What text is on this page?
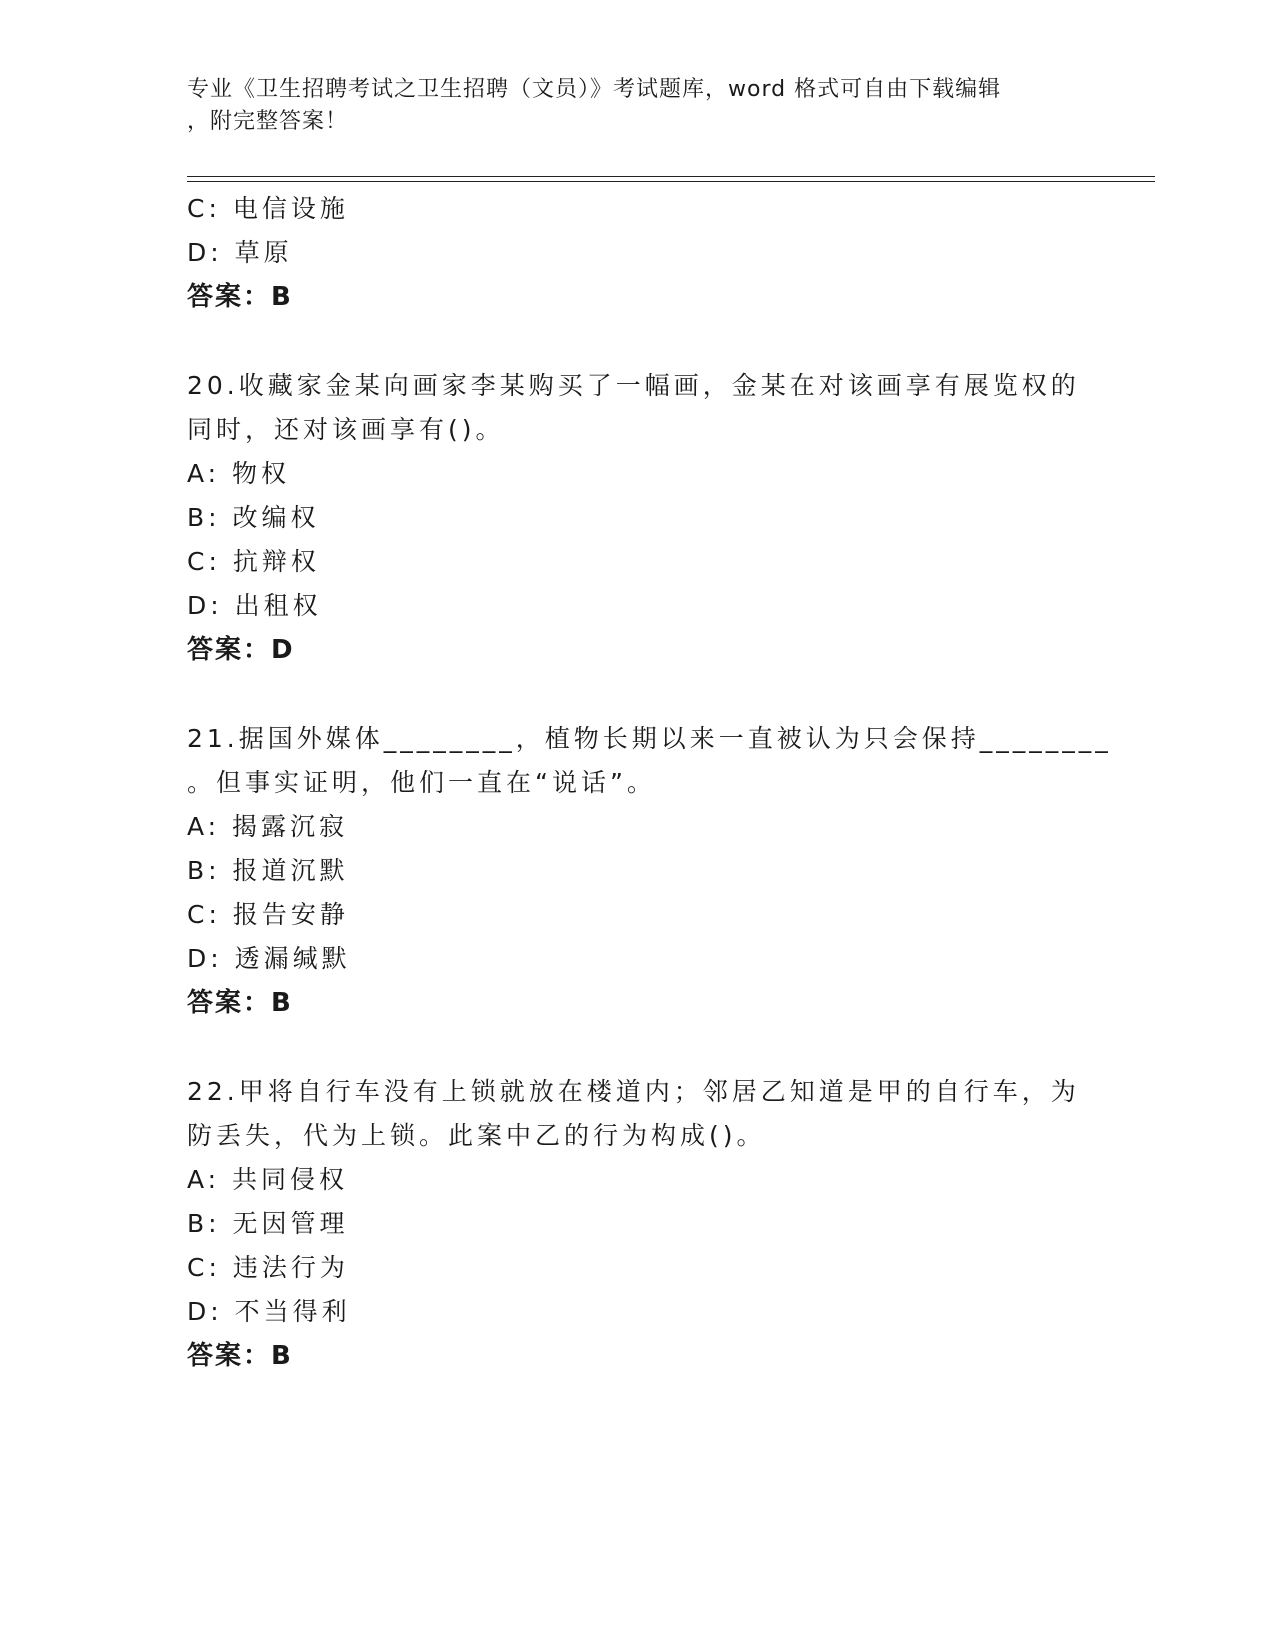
专业《卫生招聘考试之卫生招聘（文员）》考试题库，word 格式可自由下载编辑
，附完整答案！
C: 电信设施
D: 草原
答案：B
20.收藏家金某向画家李某购买了一幅画，金某在对该画享有展览权的
同时，还对该画享有()。
A: 物权
B: 改编权
C: 抗辩权
D: 出租权
答案：D
21.据国外媒体________，植物长期以来一直被认为只会保持________
。但事实证明，他们一直在“说话”。
A: 揭露沉寂
B: 报道沉默
C: 报告安静
D: 透漏缄默
答案：B
22.甲将自行车没有上锁就放在楼道内；邻居乙知道是甲的自行车，为
防丢失，代为上锁。此案中乙的行为构成()。
A: 共同侵权
B: 无因管理
C: 违法行为
D: 不当得利
答案：B
